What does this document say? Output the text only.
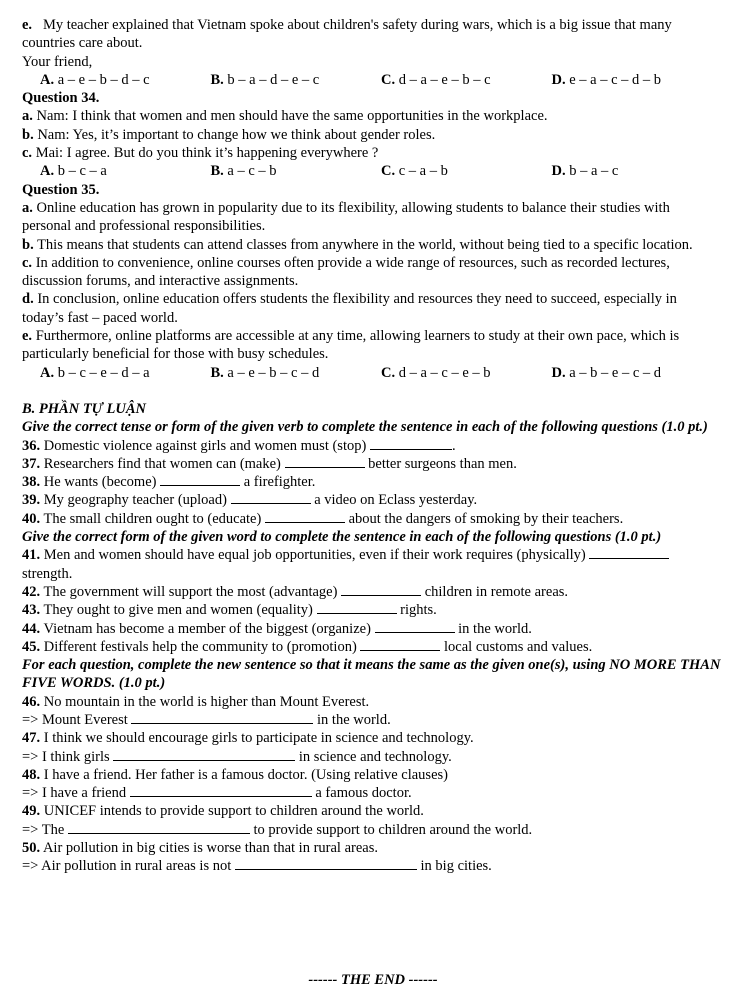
e. My teacher explained that Vietnam spoke about children's safety during wars, which is a big issue that many countries care about.

Your friend,

A. a – e – b – d – c	B. b – a – d – e – c	C. d – a – e – b – c	D. e – a – c – d – b

Question 34.

a. Nam: I think that women and men should have the same opportunities in the workplace.

b. Nam: Yes, it’s important to change how we think about gender roles.

c. Mai: I agree. But do you think it’s happening everywhere ?

A. b – c – a	B. a – c – b	C. c – a – b	D. b – a – c

Question 35.

a. Online education has grown in popularity due to its flexibility, allowing students to balance their studies with personal and professional responsibilities.

b. This means that students can attend classes from anywhere in the world, without being tied to a specific location.

c. In addition to convenience, online courses often provide a wide range of resources, such as recorded lectures, discussion forums, and interactive assignments.

d. In conclusion, online education offers students the flexibility and resources they need to succeed, especially in today’s fast – paced world.

e. Furthermore, online platforms are accessible at any time, allowing learners to study at their own pace, which is particularly beneficial for those with busy schedules.

A. b – c – e – d – a	B. a – e – b – c – d	C. d – a – c – e – b	D. a – b – e – c – d

B. PHẦN TỰ LUẬN

Give the correct tense or form of the given verb to complete the sentence in each of the following questions (1.0 pt.)

36. Domestic violence against girls and women must (stop)	.

37. Researchers find that women can (make)	better surgeons than men.

38. He wants (become)	a firefighter.

39. My geography teacher (upload)	a video on Eclass yesterday.

40. The small children ought to (educate)	about the dangers of smoking by their teachers.

Give the correct form of the given word to complete the sentence in each of the following questions (1.0 pt.)

41. Men and women should have equal job opportunities, even if their work requires (physically)
strength.

42. The government will support the most (advantage)	children in remote areas.

43. They ought to give men and women (equality)	rights.

44. Vietnam has become a member of the biggest (organize)	in the world.

45. Different festivals help the community to (promotion)	local customs and values.

For each question, complete the new sentence so that it means the same as the given one(s), using NO MORE THAN FIVE WORDS. (1.0 pt.)

46. No mountain in the world is higher than Mount Everest.

=> Mount Everest	in the world.

47. I think we should encourage girls to participate in science and technology.

=> I think girls	in science and technology.

48. I have a friend. Her father is a famous doctor. (Using relative clauses)

=> I have a friend	a famous doctor.

49. UNICEF intends to provide support to children around the world.

=> The	to provide support to children around the world.

50. Air pollution in big cities is worse than that in rural areas.

=> Air pollution in rural areas is not	in big cities.

------ THE END ------
